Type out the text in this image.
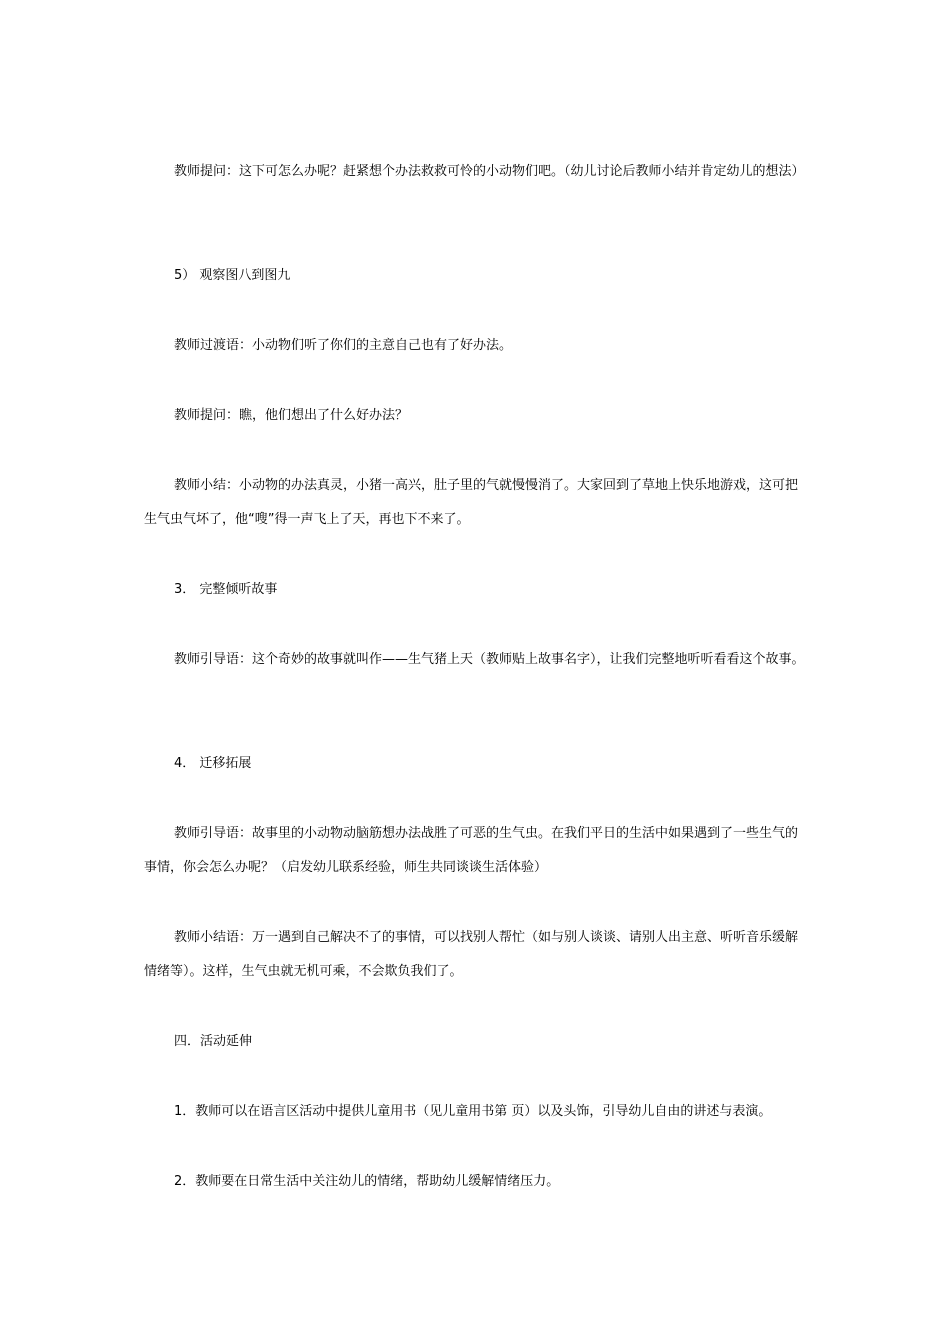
教师提问：这下可怎么办呢？赶紧想个办法救救可怜的小动物们吧。（幼儿讨论后教师小结并肯定幼儿的想法）

5） 观察图八到图九

教师过渡语：小动物们听了你们的主意自己也有了好办法。

教师提问：瞧，他们想出了什么好办法？

教师小结：小动物的办法真灵，小猪一高兴，肚子里的气就慢慢消了。大家回到了草地上快乐地游戏，这可把生气虫气坏了，他“嗖”得一声飞上了天，再也下不来了。

3． 完整倾听故事

教师引导语：这个奇妙的故事就叫作——生气猪上天（教师贴上故事名字），让我们完整地听听看看这个故事。

4． 迁移拓展

教师引导语：故事里的小动物动脑筋想办法战胜了可恶的生气虫。在我们平日的生活中如果遇到了一些生气的事情，你会怎么办呢？（启发幼儿联系经验，师生共同谈谈生活体验）

教师小结语：万一遇到自己解决不了的事情，可以找别人帮忙（如与别人谈谈、请别人出主意、听听音乐缓解情绪等）。这样，生气虫就无机可乘，不会欺负我们了。

四．活动延伸

1．教师可以在语言区活动中提供儿童用书（见儿童用书第 页）以及头饰，引导幼儿自由的讲述与表演。

2．教师要在日常生活中关注幼儿的情绪，帮助幼儿缓解情绪压力。
